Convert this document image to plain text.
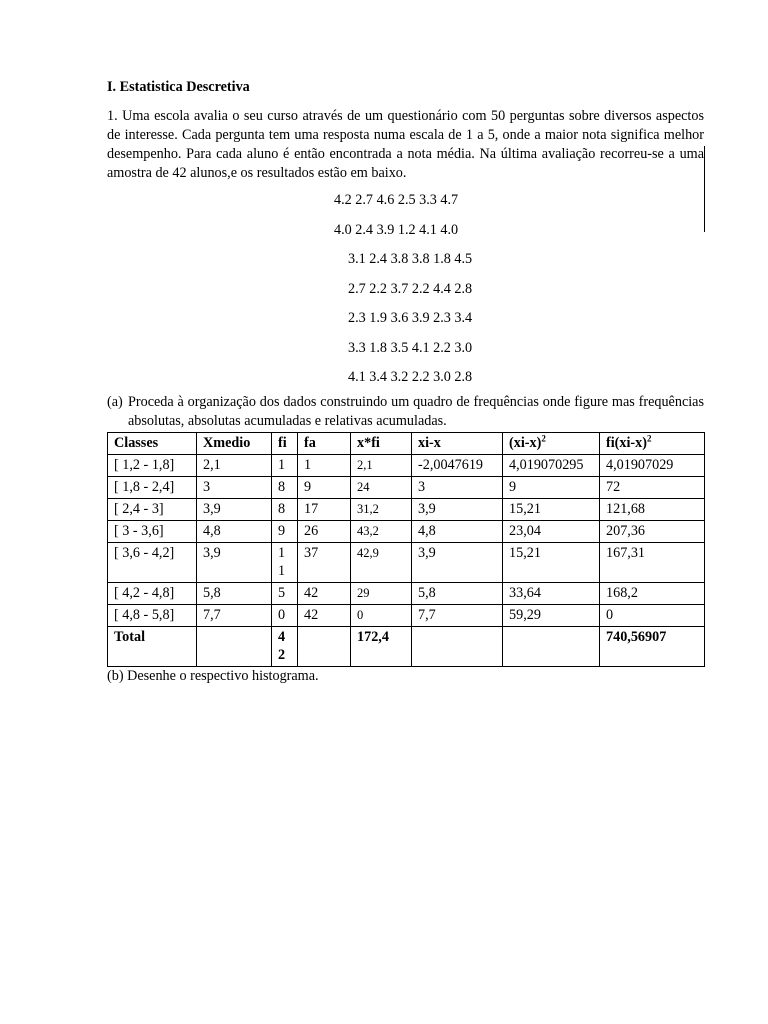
I. Estatistica Descretiva

1. Uma escola avalia o seu curso através de um questionário com 50 perguntas sobre diversos aspectos de interesse. Cada pergunta tem uma resposta numa escala de 1 a 5, onde a maior nota significa melhor desempenho. Para cada aluno é então encontrada a nota média. Na última avaliação recorreu-se a uma amostra de 42 alunos,e os resultados estão em baixo.

4.2 2.7 4.6 2.5 3.3 4.7
4.0 2.4 3.9 1.2 4.1 4.0
3.1 2.4 3.8 3.8 1.8 4.5
2.7 2.2 3.7 2.2 4.4 2.8
2.3 1.9 3.6 3.9 2.3 3.4
3.3 1.8 3.5 4.1 2.2 3.0
4.1 3.4 3.2 2.2 3.0 2.8
(a) Proceda à organização dos dados construindo um quadro de frequências onde figure mas frequências absolutas, absolutas acumuladas e relativas acumuladas.
Classes	Xmedio	fi	fa	x*fi	xi-x	$(xi-x)^2$	$fi(xi-x)^2$
[ 1,2 - 1,8]	2,1	1	1	2,1	-2,0047619	4,019070295	4,01907029
[ 1,8 - 2,4]	3	8	9	24	3	9	72
[ 2,4 - 3]	3,9	8	17	31,2	3,9	15,21	121,68
[ 3 - 3,6]	4,8	9	26	43,2	4,8	23,04	207,36
[ 3,6 - 4,2]	3,9	11	37	42,9	3,9	15,21	167,31
[ 4,2 - 4,8]	5,8	5	42	29	5,8	33,64	168,2
[ 4,8 - 5,8]	7,7	0	42	0	7,7	59,29	0
Total		42		172,4			740,56907

(b) Desenhe o respectivo histograma.
